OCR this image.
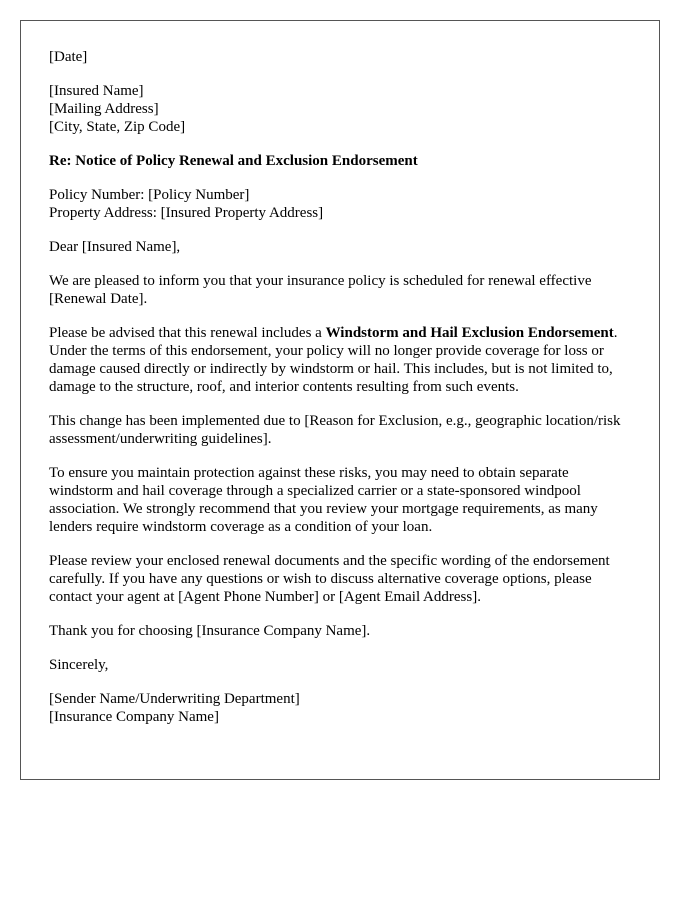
[Date]

[Insured Name]
[Mailing Address]
[City, State, Zip Code]

Re: Notice of Policy Renewal and Exclusion Endorsement

Policy Number: [Policy Number]
Property Address: [Insured Property Address]

Dear [Insured Name],

We are pleased to inform you that your insurance policy is scheduled for renewal effective [Renewal Date].

Please be advised that this renewal includes a Windstorm and Hail Exclusion Endorsement. Under the terms of this endorsement, your policy will no longer provide coverage for loss or damage caused directly or indirectly by windstorm or hail. This includes, but is not limited to, damage to the structure, roof, and interior contents resulting from such events.

This change has been implemented due to [Reason for Exclusion, e.g., geographic location/risk assessment/underwriting guidelines].

To ensure you maintain protection against these risks, you may need to obtain separate windstorm and hail coverage through a specialized carrier or a state-sponsored windpool association. We strongly recommend that you review your mortgage requirements, as many lenders require windstorm coverage as a condition of your loan.

Please review your enclosed renewal documents and the specific wording of the endorsement carefully. If you have any questions or wish to discuss alternative coverage options, please contact your agent at [Agent Phone Number] or [Agent Email Address].

Thank you for choosing [Insurance Company Name].

Sincerely,

[Sender Name/Underwriting Department]
[Insurance Company Name]
